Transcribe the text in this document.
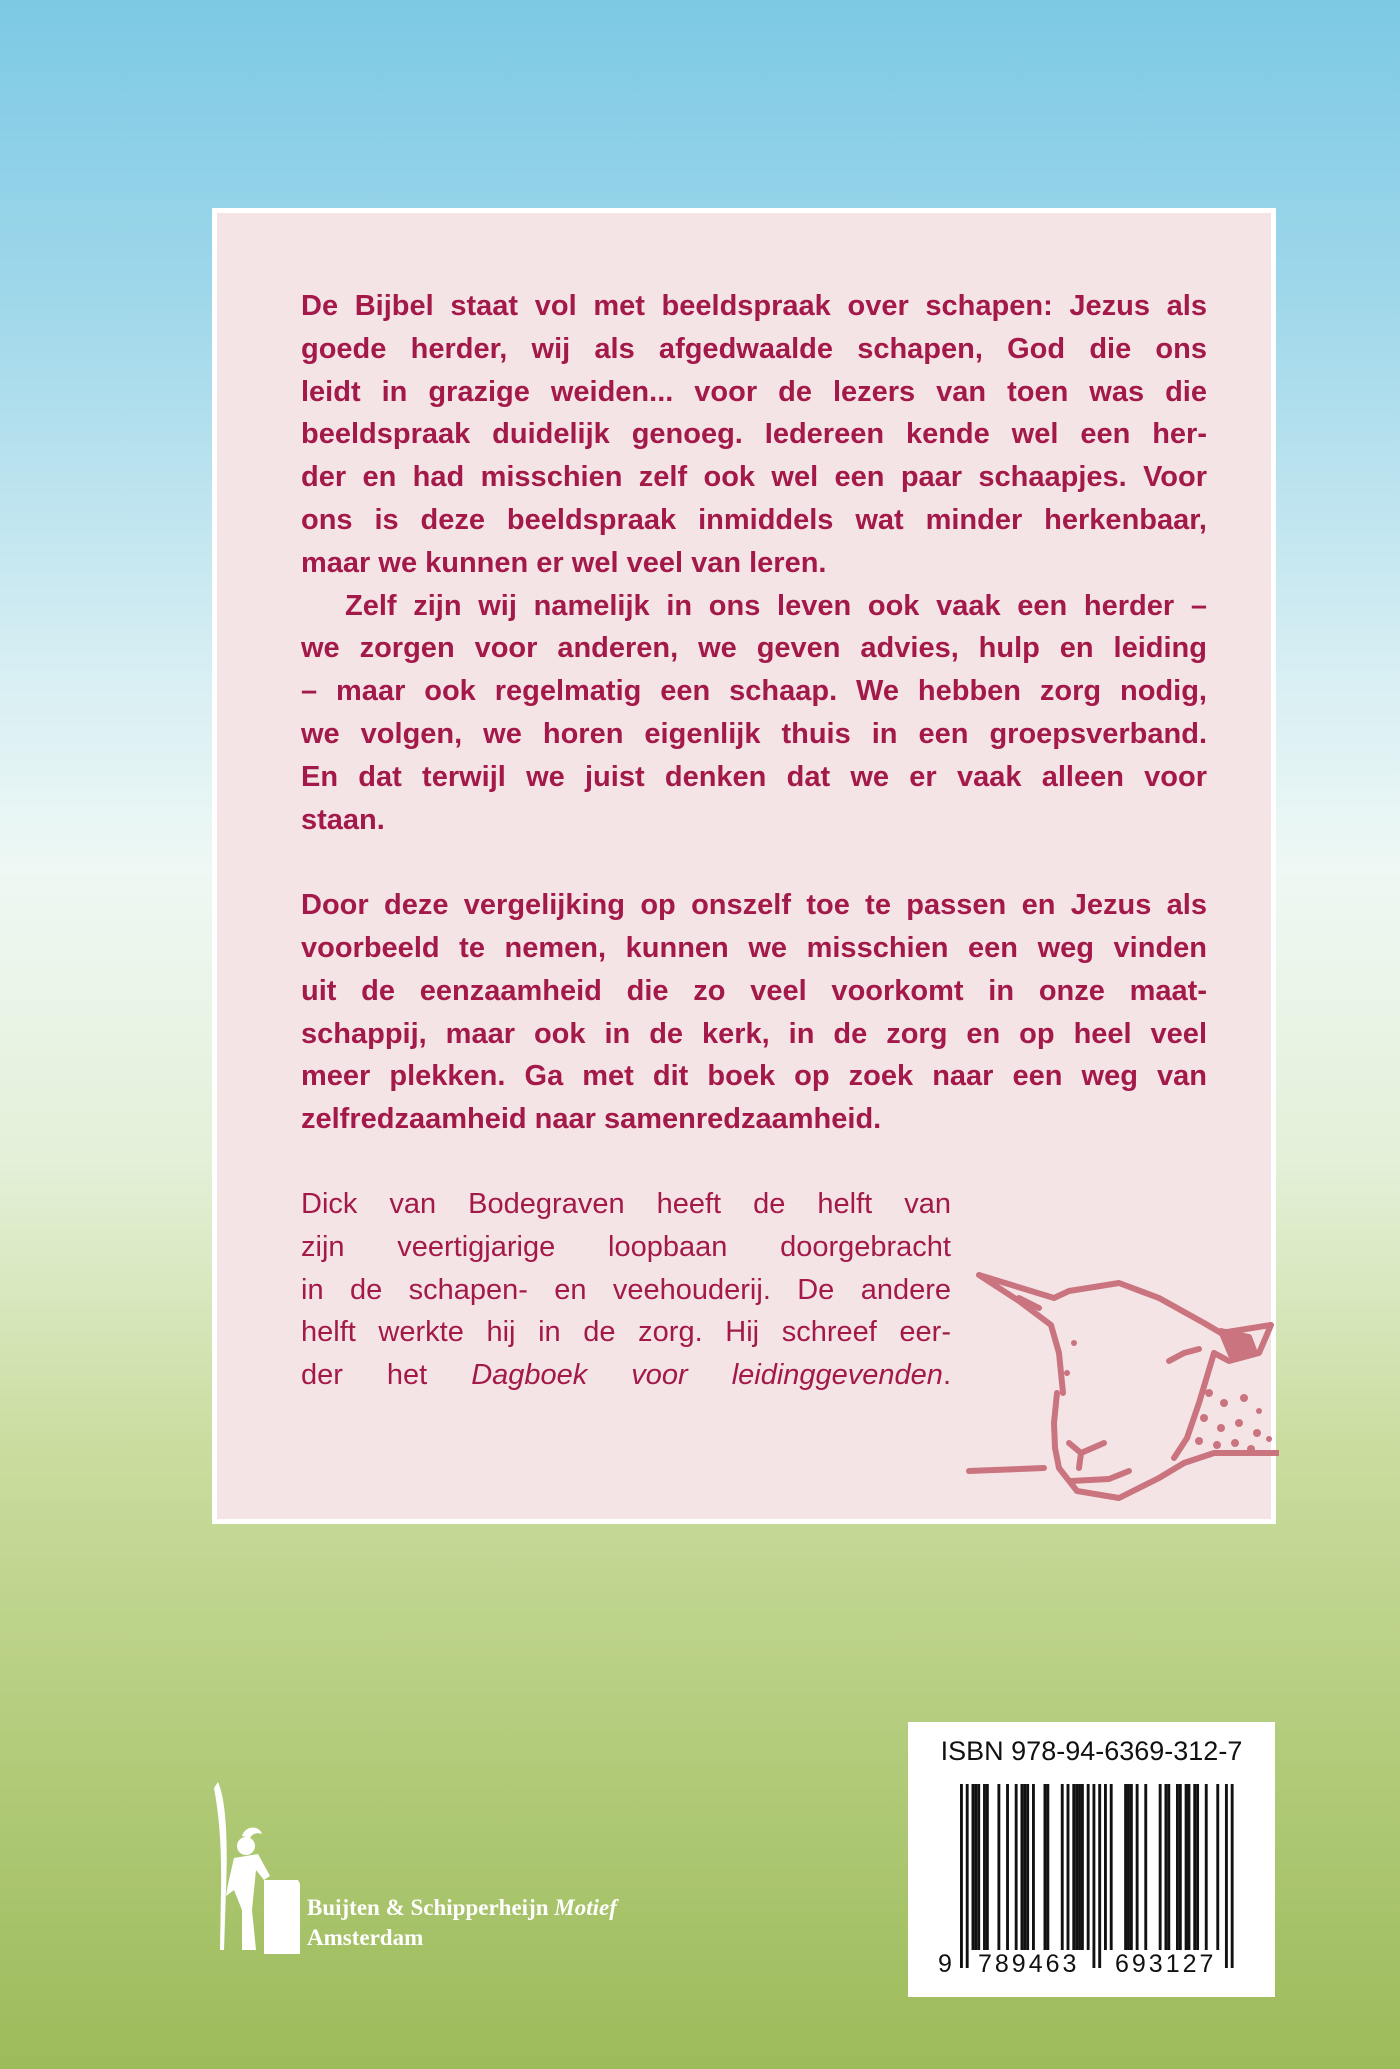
De Bijbel staat vol met beeldspraak over schapen: Jezus als
goede herder, wij als afgedwaalde schapen, God die ons
leidt in grazige weiden... voor de lezers van toen was die
beeldspraak duidelijk genoeg. Iedereen kende wel een her-
der en had misschien zelf ook wel een paar schaapjes. Voor
ons is deze beeldspraak inmiddels wat minder herkenbaar,
maar we kunnen er wel veel van leren.
Zelf zijn wij namelijk in ons leven ook vaak een herder –
we zorgen voor anderen, we geven advies, hulp en leiding
– maar ook regelmatig een schaap. We hebben zorg nodig,
we volgen, we horen eigenlijk thuis in een groepsverband.
En dat terwijl we juist denken dat we er vaak alleen voor
staan.
Door deze vergelijking op onszelf toe te passen en Jezus als
voorbeeld te nemen, kunnen we misschien een weg vinden
uit de eenzaamheid die zo veel voorkomt in onze maat-
schappij, maar ook in de kerk, in de zorg en op heel veel
meer plekken. Ga met dit boek op zoek naar een weg van
zelfredzaamheid naar samenredzaamheid.
Dick van Bodegraven heeft de helft van
zijn veertigjarige loopbaan doorgebracht
in de schapen- en veehouderij. De andere
helft werkte hij in de zorg. Hij schreef eer-
der het Dagboek voor leidinggevenden.
ISBN 978-94-6369-312-7
9 789463 693127
Buijten & Schipperheijn Motief
Amsterdam
